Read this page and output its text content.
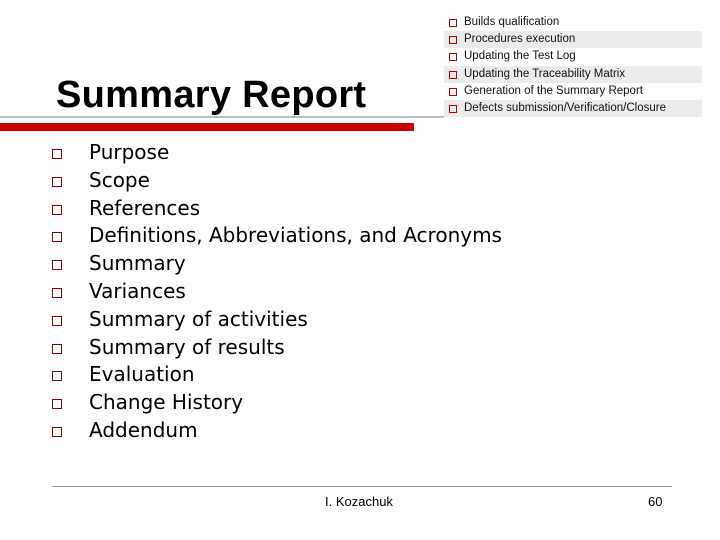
Summary Report
Builds qualification
Procedures execution
Updating the Test Log
Updating the Traceability Matrix
Generation of the Summary Report
Defects submission/Verification/Closure
Purpose
Scope
References
Definitions, Abbreviations, and Acronyms
Summary
Variances
Summary of activities
Summary of results
Evaluation
Change History
Addendum
I. Kozachuk	60
